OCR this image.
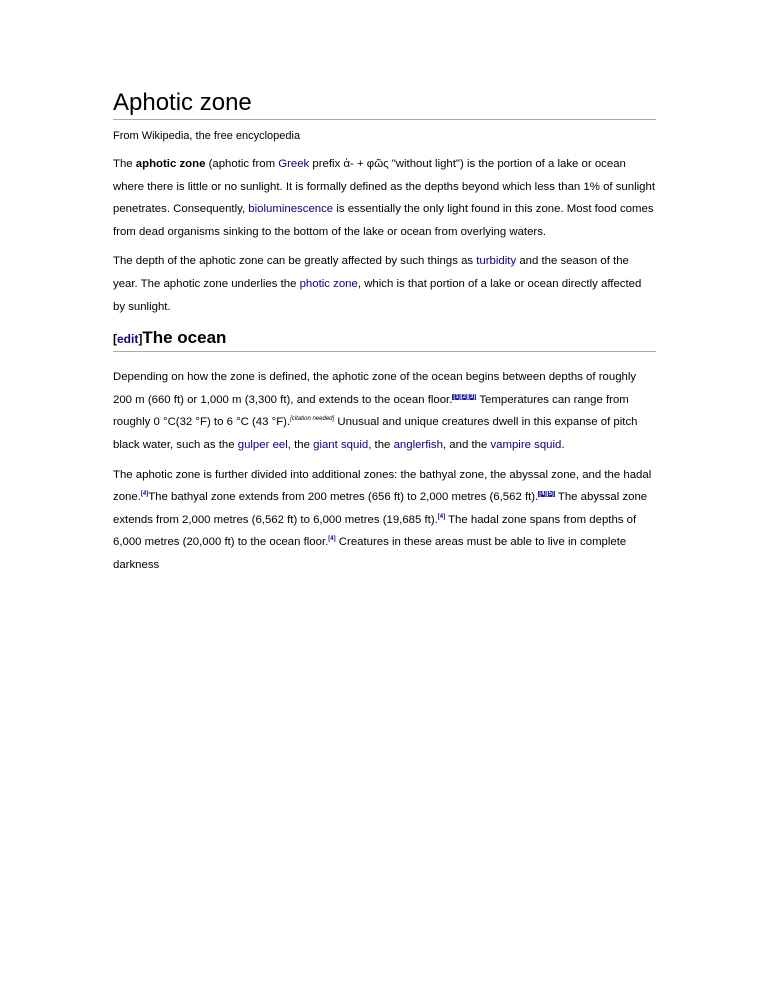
Aphotic zone
From Wikipedia, the free encyclopedia

The aphotic zone (aphotic from Greek prefix ἀ- + φῶς "without light") is the portion of a lake or ocean where there is little or no sunlight. It is formally defined as the depths beyond which less than 1% of sunlight penetrates. Consequently, bioluminescence is essentially the only light found in this zone. Most food comes from dead organisms sinking to the bottom of the lake or ocean from overlying waters.

The depth of the aphotic zone can be greatly affected by such things as turbidity and the season of the year. The aphotic zone underlies the photic zone, which is that portion of a lake or ocean directly affected by sunlight.

[edit]The ocean

Depending on how the zone is defined, the aphotic zone of the ocean begins between depths of roughly 200 m (660 ft) or 1,000 m (3,300 ft), and extends to the ocean floor.[1][2][3] Temperatures can range from roughly 0 °C(32 °F) to 6 °C (43 °F).[citation needed] Unusual and unique creatures dwell in this expanse of pitch black water, such as the gulper eel, the giant squid, the anglerfish, and the vampire squid.

The aphotic zone is further divided into additional zones: the bathyal zone, the abyssal zone, and the hadal zone.[4]The bathyal zone extends from 200 metres (656 ft) to 2,000 metres (6,562 ft).[4][5] The abyssal zone extends from 2,000 metres (6,562 ft) to 6,000 metres (19,685 ft).[4] The hadal zone spans from depths of 6,000 metres (20,000 ft) to the ocean floor.[4] Creatures in these areas must be able to live in complete darkness
